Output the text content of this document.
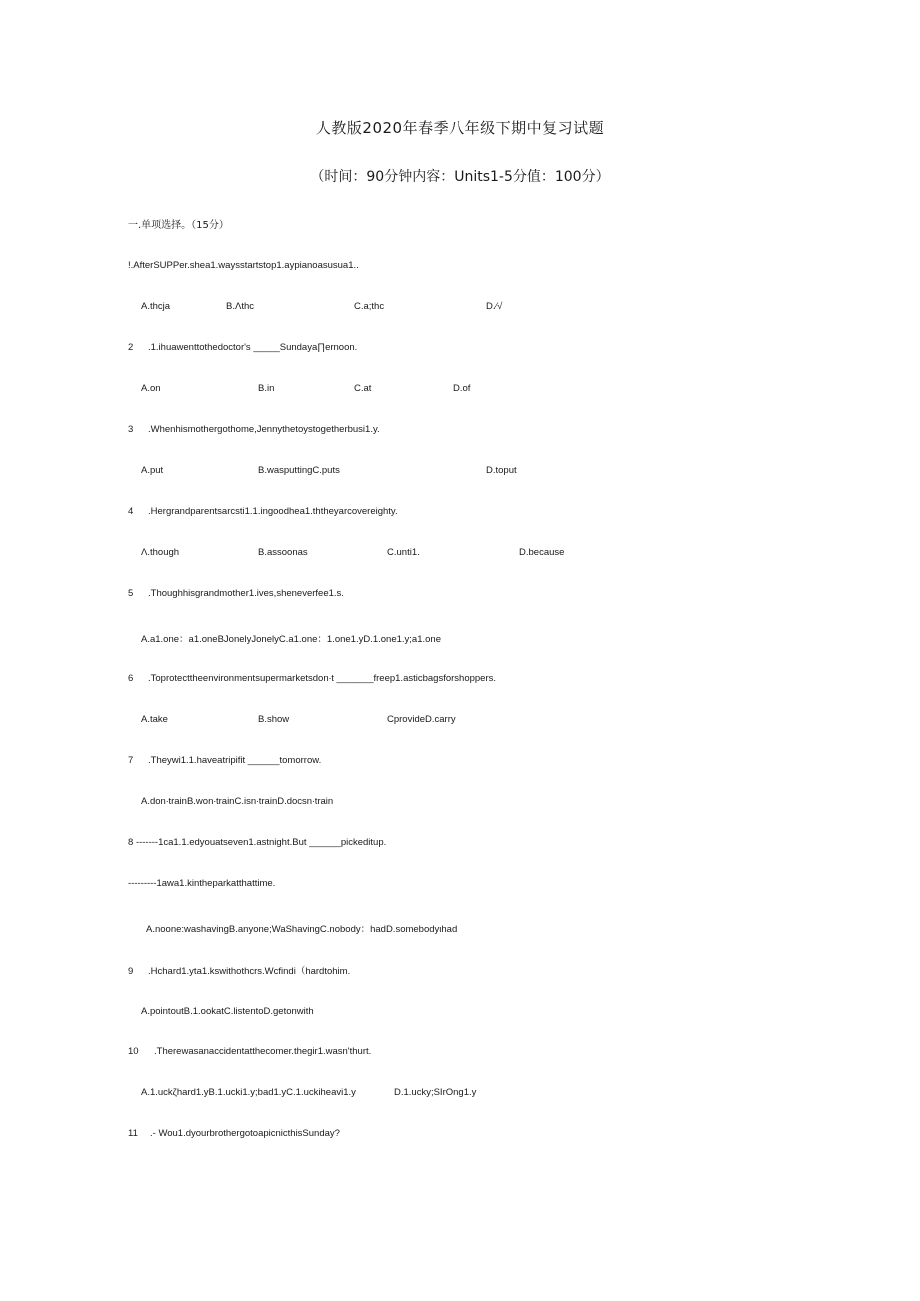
人教版2020年春季八年级下期中复习试题
（时间：90分钟内容：Units1-5分值：100分）
一.单项选择。（15分）
!.AfterSUPPer.shea1.waysstartstop1.aypianoasusua1..
A.thcja	B.Λthc	C.a;thc	D.∕√
2 .1.ihuawenttothedoctor's _____Sundaya∏ernoon.
A.on	B.in	C.at	D.of
3 .Whenhismothergothome,Jennythetoystogetherbusi1.y.
A.put	B.wasputtingC.puts	D.toput
4 .Hergrandparentsarcsti1.1.ingoodhea1.ththeyarcovereighty.
Λ.though	B.assoonas	C.unti1.	D.because
5 .Thoughhisgrandmother1.ives,sheneverfee1.s.
A.a1.one：a1.oneBJonelyJonelyC.a1.one：1.one1.yD.1.one1.y;a1.one
6 .Toprotecttheenvironmentsupermarketsdon∙t _______freep1.asticbagsforshoppers.
A.take	B.show	CprovideD.carry
7 .Theywi1.1.haveatripifit ______tomorrow.
A.don∙trainB.won∙trainC.isn∙trainD.docsn∙train
8 -------1ca1.1.edyouatseven1.astnight.But ______pickeditup.
---------1awa1.kintheparkatthattime.
A.noone:washavingB.anyone;WaShavingC.nobody：hadD.somebodyιhad
9 .Hchard1.yta1.kswithothcrs.Wcfindi（hardtohim.
A.pointoutB.1.ookatC.listentoD.getonwith
10 .Therewasanaccidentatthecomer.thegir1.wasn'thurt.
A.1.uckζhard1.yB.1.ucki1.y;bad1.yC.1.uckiheavi1.y	D.1.ucky;SIrOng1.y
11 .- Wou1.dyourbrothergotoapicnicthisSunday?
